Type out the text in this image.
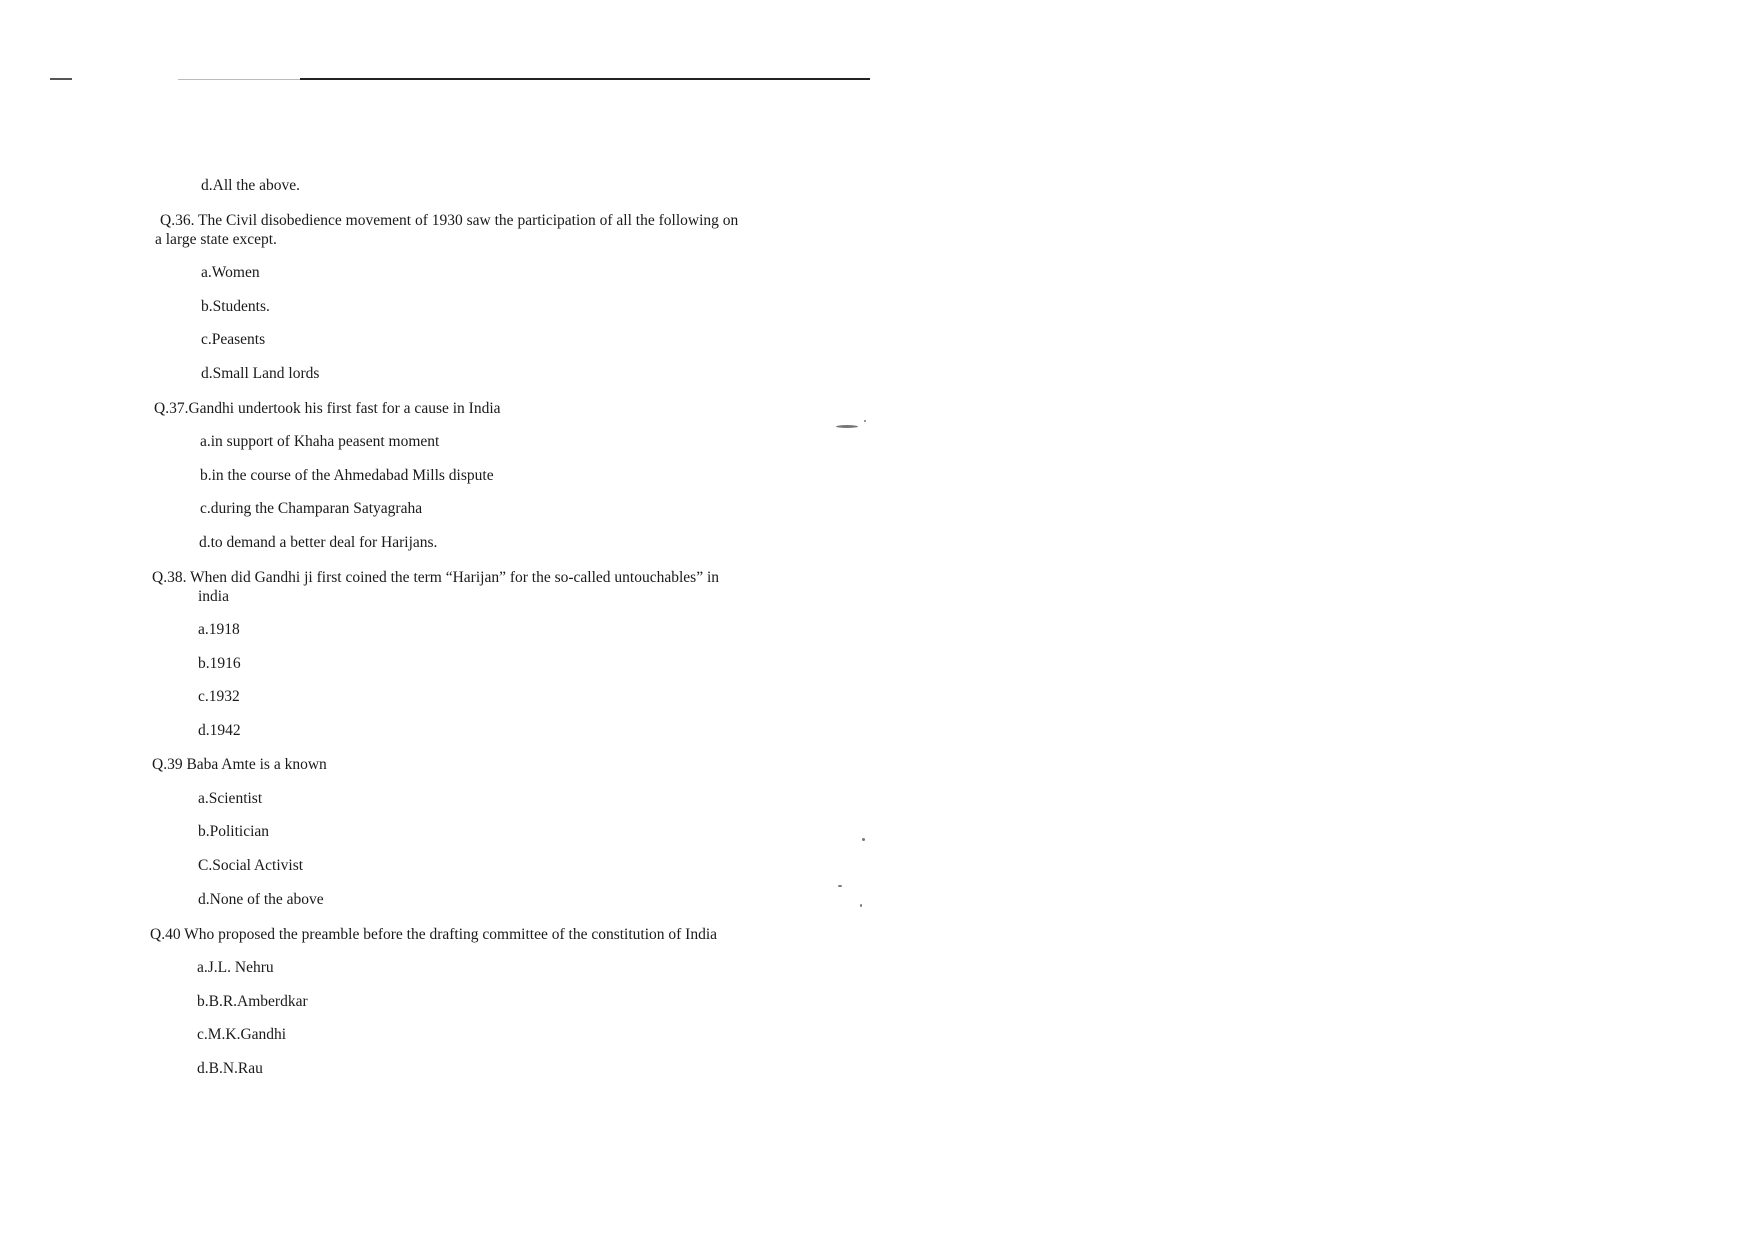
d.All the above.
Q.36. The Civil disobedience movement of 1930 saw the participation of all the following on
a large state except.
a.Women
b.Students.
c.Peasents
d.Small Land lords
Q.37.Gandhi undertook his first fast for a cause in India
a.in support of Khaha peasent moment
b.in the course of the Ahmedabad Mills dispute
c.during the Champaran Satyagraha
d.to demand a better deal for Harijans.
Q.38. When did Gandhi ji first coined the term “Harijan” for the so-called untouchables” in
india
a.1918
b.1916
c.1932
d.1942
Q.39 Baba Amte is a known
a.Scientist
b.Politician
C.Social Activist
d.None of the above
Q.40 Who proposed the preamble before the drafting committee of the constitution of India
a.J.L. Nehru
b.B.R.Amberdkar
c.M.K.Gandhi
d.B.N.Rau
